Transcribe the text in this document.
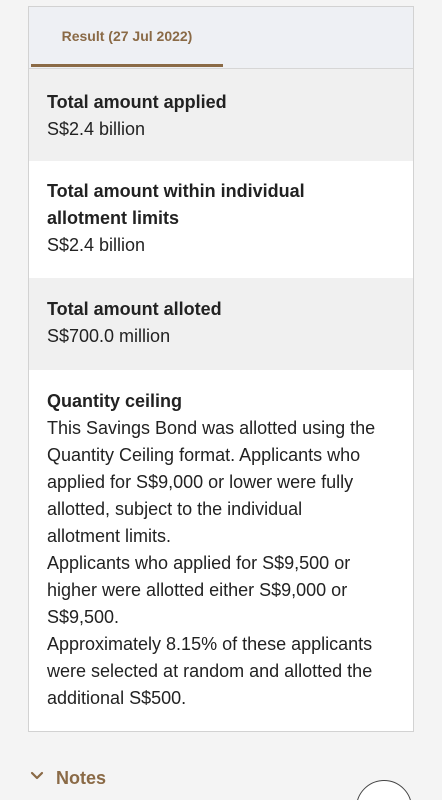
Result (27 Jul 2022)
Total amount applied
S$2.4 billion
Total amount within individual
allotment limits
S$2.4 billion
Total amount alloted
S$700.0 million
Quantity ceiling
This Savings Bond was allotted using the
Quantity Ceiling format. Applicants who
applied for S$9,000 or lower were fully
allotted, subject to the individual
allotment limits.
Applicants who applied for S$9,500 or
higher were allotted either S$9,000 or
S$9,500.
Approximately 8.15% of these applicants
were selected at random and allotted the
additional S$500.
Notes
